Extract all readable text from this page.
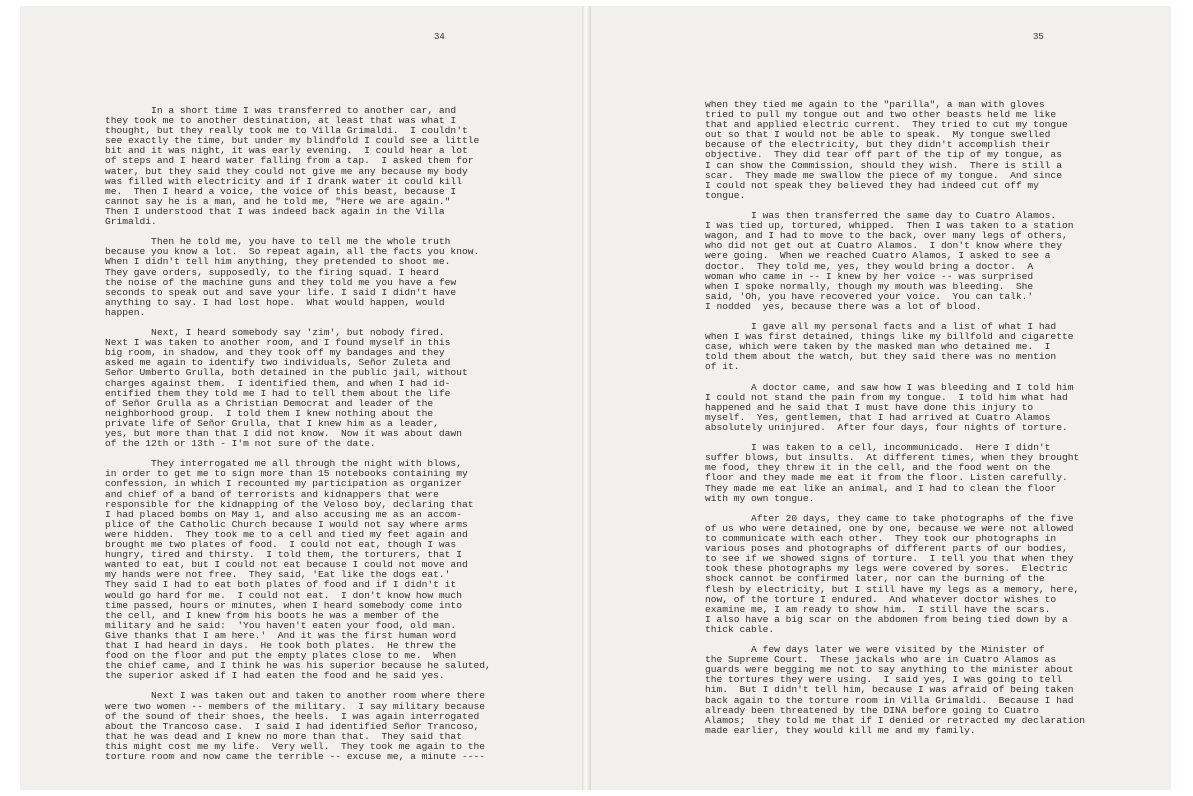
34
In a short time I was transferred to another car, and
they took me to another destination, at least that was what I
thought, but they really took me to Villa Grimaldi.  I couldn't
see exactly the time, but under my blindfold I could see a little
bit and it was night, it was early evening.  I could hear a lot
of steps and I heard water falling from a tap.  I asked them for
water, but they said they could not give me any because my body
was filled with electricity and if I drank water it could kill
me.  Then I heard a voice, the voice of this beast, because I
cannot say he is a man, and he told me, "Here we are again."
Then I understood that I was indeed back again in the Villa
Grimaldi.
Then he told me, you have to tell me the whole truth
because you know a lot.  So repeat again, all the facts you know.
When I didn't tell him anything, they pretended to shoot me.
They gave orders, supposedly, to the firing squad. I heard
the noise of the machine guns and they told me you have a few
seconds to speak out and save your life. I said I didn't have
anything to say. I had lost hope.  What would happen, would
happen.
Next, I heard somebody say 'zim', but nobody fired.
Next I was taken to another room, and I found myself in this
big room, in shadow, and they took off my bandages and they
asked me again to identify two individuals, Señor Zuleta and
Señor Umberto Grulla, both detained in the public jail, without
charges against them.  I identified them, and when I had id-
entified them they told me I had to tell them about the life
of Señor Grulla as a Christian Democrat and leader of the
neighborhood group.  I told them I knew nothing about the
private life of Señor Grulla, that I knew him as a leader,
yes, but more than that I did not know.  Now it was about dawn
of the 12th or 13th - I'm not sure of the date.
They interrogated me all through the night with blows,
in order to get me to sign more than 15 notebooks containing my
confession, in which I recounted my participation as organizer
and chief of a band of terrorists and kidnappers that were
responsible for the kidnapping of the Veloso boy, declaring that
I had placed bombs on May 1, and also accusing me as an accom-
plice of the Catholic Church because I would not say where arms
were hidden.  They took me to a cell and tied my feet again and
brought me two plates of food.  I could not eat, though I was
hungry, tired and thirsty.  I told them, the torturers, that I
wanted to eat, but I could not eat because I could not move and
my hands were not free.  They said, 'Eat like the dogs eat.'
They said I had to eat both plates of food and if I didn't it
would go hard for me.  I could not eat.  I don't know how much
time passed, hours or minutes, when I heard somebody come into
the cell, and I knew from his boots he was a member of the
military and he said:  'You haven't eaten your food, old man.
Give thanks that I am here.'  And it was the first human word
that I had heard in days.  He took both plates.  He threw the
food on the floor and put the empty plates close to me.  When
the chief came, and I think he was his superior because he saluted,
the superior asked if I had eaten the food and he said yes.
Next I was taken out and taken to another room where there
were two women -- members of the military.  I say military because
of the sound of their shoes, the heels.  I was again interrogated
about the Trancoso case.  I said I had identified Señor Trancoso,
that he was dead and I knew no more than that.  They said that
this might cost me my life.  Very well.  They took me again to the
torture room and now came the terrible -- excuse me, a minute ----
35
when they tied me again to the "parilla", a man with gloves
tried to pull my tongue out and two other beasts held me like
that and applied electric current.  They tried to cut my tongue
out so that I would not be able to speak.  My tongue swelled
because of the electricity, but they didn't accomplish their
objective.  They did tear off part of the tip of my tongue, as
I can show the Commission, should they wish.  There is still a
scar.  They made me swallow the piece of my tongue.  And since
I could not speak they believed they had indeed cut off my
tongue.
I was then transferred the same day to Cuatro Alamos.
I was tied up, tortured, whipped.  Then I was taken to a station
wagon, and I had to move to the back, over many legs of others,
who did not get out at Cuatro Alamos.  I don't know where they
were going.  When we reached Cuatro Alamos, I asked to see a
doctor.  They told me, yes, they would bring a doctor.  A
woman who came in -- I knew by her voice -- was surprised
when I spoke normally, though my mouth was bleeding.  She
said, 'Oh, you have recovered your voice.  You can talk.'
I nodded  yes, because there was a lot of blood.
I gave all my personal facts and a list of what I had
when I was first detained, things like my billfold and cigarette
case, which were taken by the masked man who detained me.  I
told them about the watch, but they said there was no mention
of it.
A doctor came, and saw how I was bleeding and I told him
I could not stand the pain from my tongue.  I told him what had
happened and he said that I must have done this injury to
myself.  Yes, gentlemen, that I had arrived at Cuatro Alamos
absolutely uninjured.  After four days, four nights of torture.
I was taken to a cell, incommunicado.  Here I didn't
suffer blows, but insults.  At different times, when they brought
me food, they threw it in the cell, and the food went on the
floor and they made me eat it from the floor. Listen carefully.
They made me eat like an animal, and I had to clean the floor
with my own tongue.
After 20 days, they came to take photographs of the five
of us who were detained, one by one, because we were not allowed
to communicate with each other.  They took our photographs in
various poses and photographs of different parts of our bodies,
to see if we showed signs of torture.  I tell you that when they
took these photographs my legs were covered by sores.  Electric
shock cannot be confirmed later, nor can the burning of the
flesh by electricity, but I still have my legs as a memory, here,
now, of the torture I endured.  And whatever doctor wishes to
examine me, I am ready to show him.  I still have the scars.
I also have a big scar on the abdomen from being tied down by a
thick cable.
A few days later we were visited by the Minister of
the Supreme Court.  These jackals who are in Cuatro Alamos as
guards were begging me not to say anything to the minister about
the tortures they were using.  I said yes, I was going to tell
him.  But I didn't tell him, because I was afraid of being taken
back again to the torture room in Villa Grimaldi.  Because I had
already been threatened by the DINA before going to Cuatro
Alamos;  they told me that if I denied or retracted my declaration
made earlier, they would kill me and my family.
